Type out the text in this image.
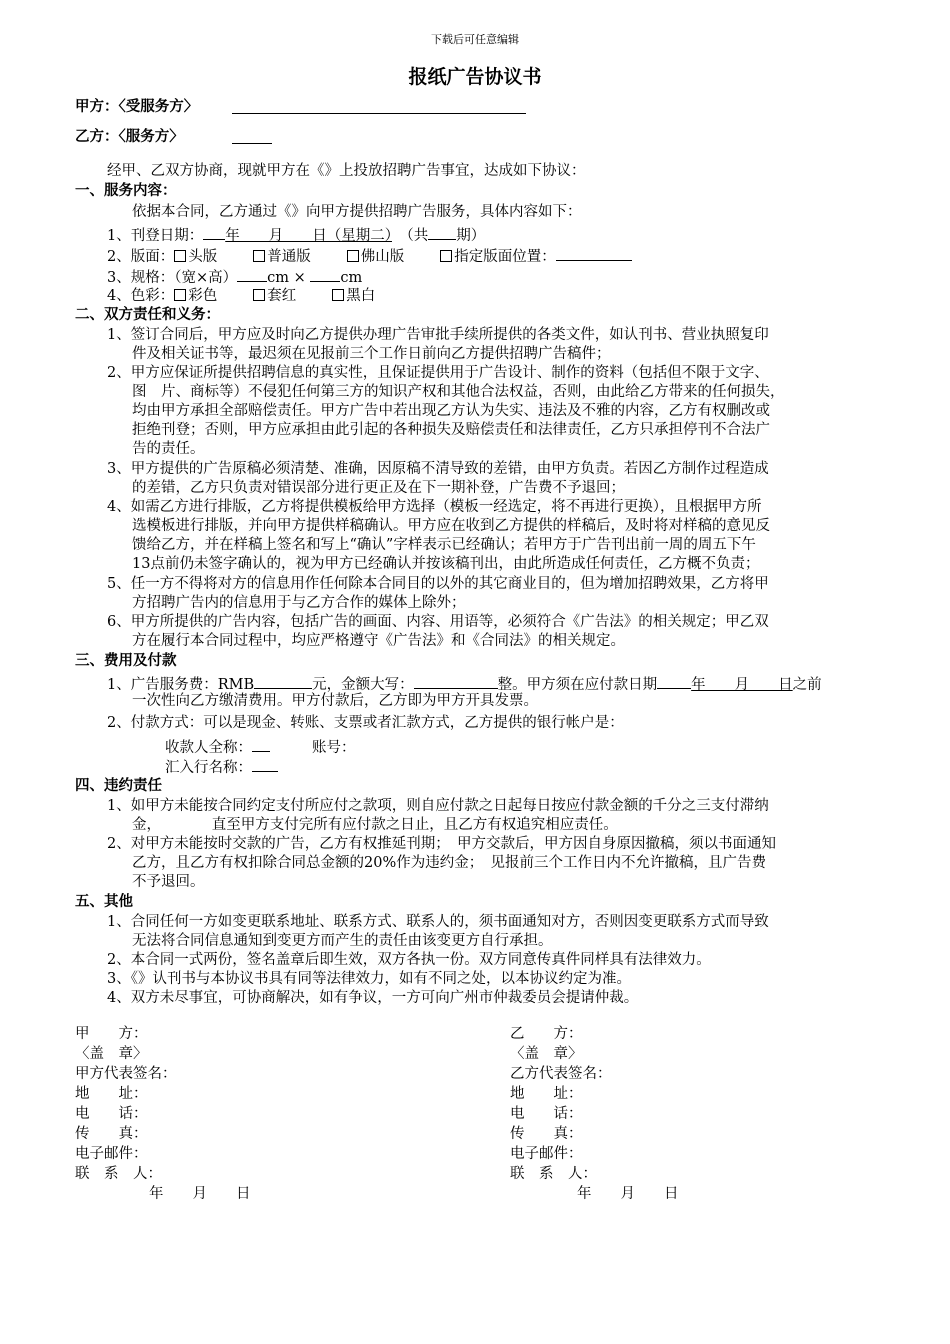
下载后可任意编辑
报纸广告协议书
甲方：〈受服务方〉
乙方：〈服务方〉
经甲、乙双方协商，现就甲方在《》上投放招聘广告事宜，达成如下协议：
一、服务内容：
依据本合同，乙方通过《》向甲方提供招聘广告服务，具体内容如下：
1、刊登日期： 年　　月　　日（星期二）　 （共 期）
2、版面： 头版	普通版	佛山版	指定版面位置：
3、规格：（宽×高） cm × cm
4、色彩： 彩色	套红	黑白
二、双方责任和义务：
1、签订合同后，甲方应及时向乙方提供办理广告审批手续所提供的各类文件，如认刊书、营业执照复印
件及相关证书等，最迟须在见报前三个工作日前向乙方提供招聘广告稿件；
2、甲方应保证所提供招聘信息的真实性，且保证提供用于广告设计、制作的资料（包括但不限于文字、
图　片、商标等）不侵犯任何第三方的知识产权和其他合法权益，否则，由此给乙方带来的任何损失，
均由甲方承担全部赔偿责任。甲方广告中若出现乙方认为失实、违法及不雅的内容，乙方有权删改或
拒绝刊登；否则，甲方应承担由此引起的各种损失及赔偿责任和法律责任，乙方只承担停刊不合法广
告的责任。
3、甲方提供的广告原稿必须清楚、准确，因原稿不清导致的差错，由甲方负责。若因乙方制作过程造成
的差错，乙方只负责对错误部分进行更正及在下一期补登，广告费不予退回；
4、如需乙方进行排版，乙方将提供模板给甲方选择（模板一经选定，将不再进行更换），且根据甲方所
选模板进行排版，并向甲方提供样稿确认。甲方应在收到乙方提供的样稿后，及时将对样稿的意见反
馈给乙方，并在样稿上签名和写上“确认”字样表示已经确认；若甲方于广告刊出前一周的周五下午
13点前仍未签字确认的，视为甲方已经确认并按该稿刊出，由此所造成任何责任，乙方概不负责；
5、任一方不得将对方的信息用作任何除本合同目的以外的其它商业目的，但为增加招聘效果，乙方将甲
方招聘广告内的信息用于与乙方合作的媒体上除外；
6、甲方所提供的广告内容，包括广告的画面、内容、用语等，必须符合《广告法》的相关规定；甲乙双
方在履行本合同过程中，均应严格遵守《广告法》和《合同法》的相关规定。
三、费用及付款
1、广告服务费：RMB	元，金额大写：	整。甲方须在应付款日期 年　　月　　日之前
一次性向乙方缴清费用。甲方付款后，乙方即为甲方开具发票。
2、付款方式：可以是现金、转账、支票或者汇款方式，乙方提供的银行帐户是：
收款人全称：	账号：
汇入行名称：
四、违约责任
1、如甲方未能按合同约定支付所应付之款项，则自应付款之日起每日按应付款金额的千分之三支付滞纳
金，　　　　直至甲方支付完所有应付款之日止，且乙方有权追究相应责任。
2、对甲方未能按时交款的广告，乙方有权推延刊期；　甲方交款后，甲方因自身原因撤稿，须以书面通知
乙方，且乙方有权扣除合同总金额的20%作为违约金；　见报前三个工作日内不允许撤稿，且广告费
不予退回。
五、其他
1、合同任何一方如变更联系地址、联系方式、联系人的，须书面通知对方，否则因变更联系方式而导致
无法将合同信息通知到变更方而产生的责任由该变更方自行承担。
2、本合同一式两份，签名盖章后即生效，双方各执一份。双方同意传真件同样具有法律效力。
3、《》认刊书与本协议书具有同等法律效力，如有不同之处，以本协议约定为准。
4、双方未尽事宜，可协商解决，如有争议，一方可向广州市仲裁委员会提请仲裁。
甲　　方：
〈盖　章〉
甲方代表签名：
地　　址：
电　　话：
传　　真：
电子邮件：
联　系　人：
年　　月　　日
乙　　方：
〈盖　章〉
乙方代表签名：
地　　址：
电　　话：
传　　真：
电子邮件：
联　系　人：
年　　月　　日
